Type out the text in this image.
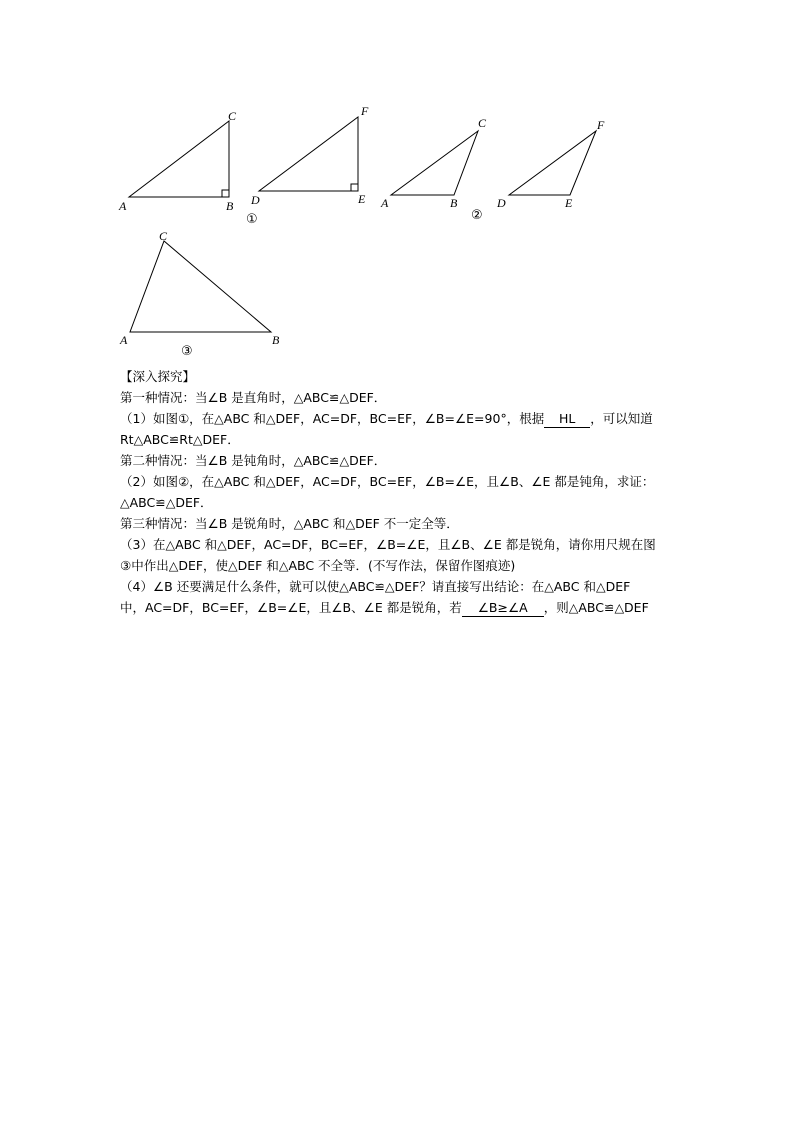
A	B
C
D	E
F
①
A	B
C
D	E
F
②
A	B
C
③
【深入探究】
第一种情况：当∠B 是直角时，△ABC≌△DEF．
（1）如图①，在△ABC 和△DEF，AC=DF，BC=EF，∠B=∠E=90°，根据 HL ，可以知道
Rt△ABC≌Rt△DEF．
第二种情况：当∠B 是钝角时，△ABC≌△DEF．
（2）如图②，在△ABC 和△DEF，AC=DF，BC=EF，∠B=∠E，且∠B、∠E 都是钝角，求证：
△ABC≌△DEF．
第三种情况：当∠B 是锐角时，△ABC 和△DEF 不一定全等．
（3）在△ABC 和△DEF，AC=DF，BC=EF，∠B=∠E，且∠B、∠E 都是锐角，请你用尺规在图
③中作出△DEF，使△DEF 和△ABC 不全等．(不写作法，保留作图痕迹)
（4）∠B 还要满足什么条件，就可以使△ABC≌△DEF？请直接写出结论：在△ABC 和△DEF
中，AC=DF，BC=EF，∠B=∠E，且∠B、∠E 都是锐角，若 ∠B≥∠A ，则△ABC≌△DEF
